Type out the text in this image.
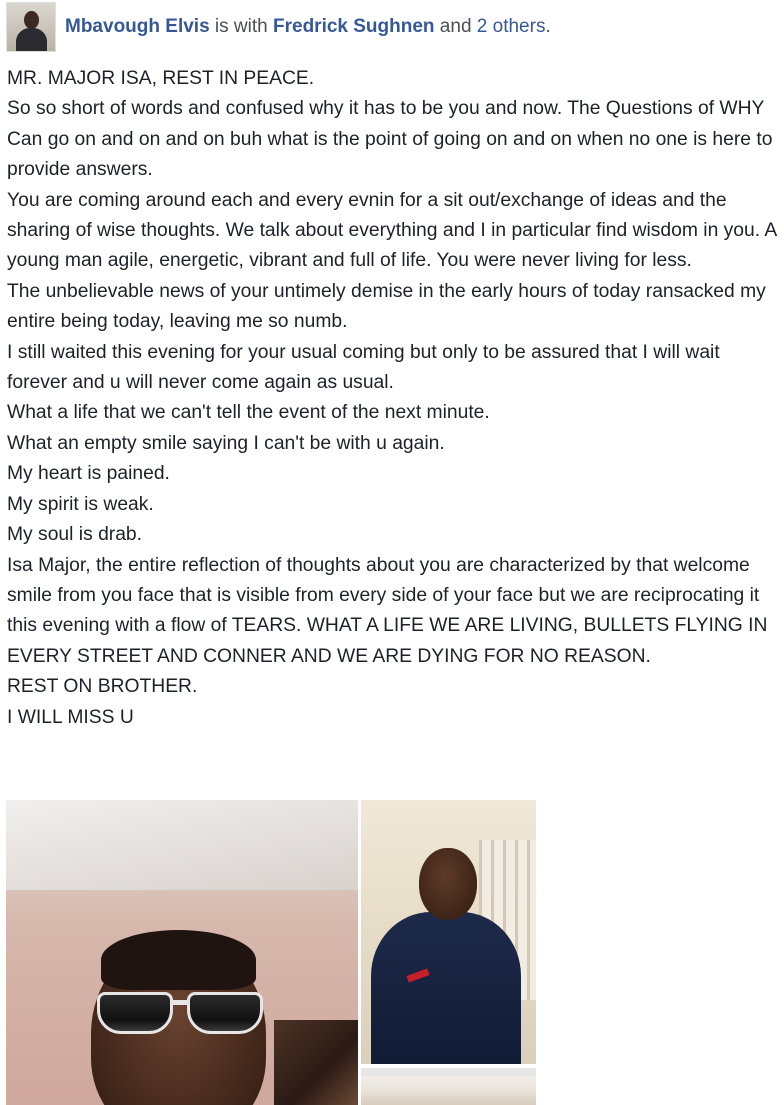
Mbavough Elvis is with Fredrick Sughnen and 2 others.

MR. MAJOR ISA, REST IN PEACE.

So so short of words and confused why it has to be you and now. The Questions of WHY Can go on and on and on buh what is the point of going on and on when no one is here to provide answers.

You are coming around each and every evnin for a sit out/exchange of ideas and the sharing of wise thoughts. We talk about everything and I in particular find wisdom in you. A young man agile, energetic, vibrant and full of life. You were never living for less.

The unbelievable news of your untimely demise in the early hours of today ransacked my entire being today, leaving me so numb.

I still waited this evening for your usual coming but only to be assured that I will wait forever and u will never come again as usual.

What a life that we can't tell the event of the next minute.

What an empty smile saying I can't be with u again.

My heart is pained.

My spirit is weak.

My soul is drab.

Isa Major, the entire reflection of thoughts about you are characterized by that welcome smile from you face that is visible from every side of your face but we are reciprocating it this evening with a flow of TEARS. WHAT A LIFE WE ARE LIVING, BULLETS FLYING IN EVERY STREET AND CONNER AND WE ARE DYING FOR NO REASON.

REST ON BROTHER.

I WILL MISS U
